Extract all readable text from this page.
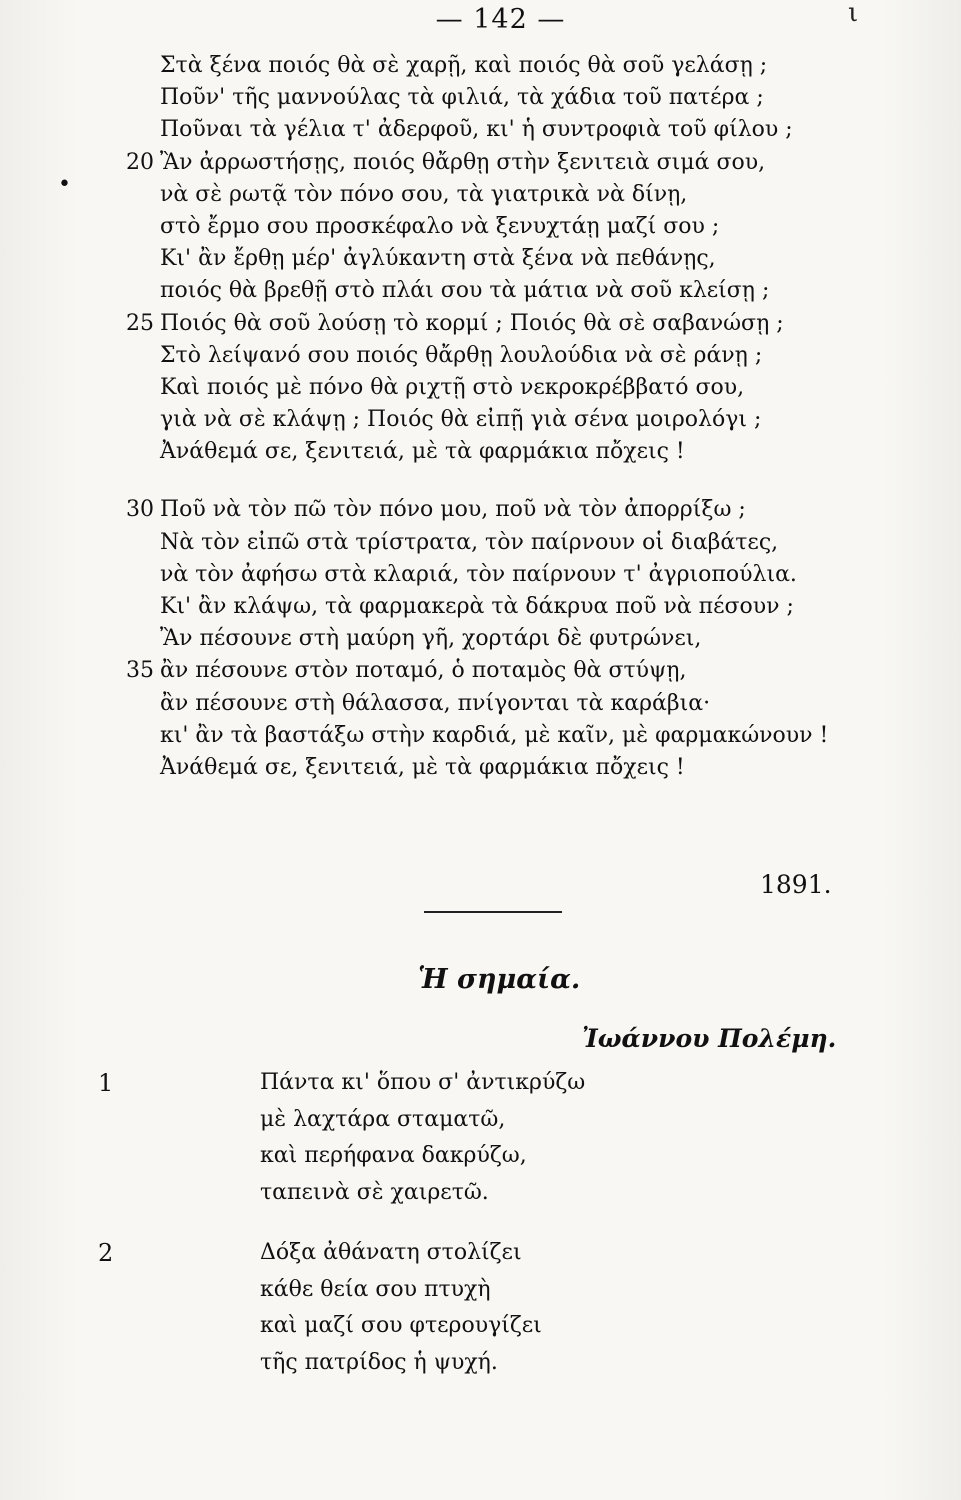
— 142 —	ι
•
Στὰ ξένα ποιός θὰ σὲ χαρῇ, καὶ ποιός θὰ σοῦ γελάσῃ ;
Ποῦν' τῆς μαννούλας τὰ φιλιά, τὰ χάδια τοῦ πατέρα ;
Ποῦναι τὰ γέλια τ' ἀδερφοῦ, κι' ἡ συντροφιὰ τοῦ φίλου ;
20 Ἂν ἀρρωστήσῃς, ποιός θἄρθῃ στὴν ξενιτειὰ σιμά σου,
νὰ σὲ ρωτᾷ τὸν πόνο σου, τὰ γιατρικὰ νὰ δίνῃ,
στὸ ἔρμο σου προσκέφαλο νὰ ξενυχτάῃ μαζί σου ;
Κι' ἂν ἔρθῃ μέρ' ἀγλύκαντη στὰ ξένα νὰ πεθάνῃς,
ποιός θὰ βρεθῇ στὸ πλάι σου τὰ μάτια νὰ σοῦ κλείσῃ ;
25 Ποιός θὰ σοῦ λούσῃ τὸ κορμί ; Ποιός θὰ σὲ σαβανώσῃ ;
Στὸ λείψανό σου ποιός θἄρθῃ λουλούδια νὰ σὲ ράνῃ ;
Καὶ ποιός μὲ πόνο θὰ ριχτῇ στὸ νεκροκρέββατό σου,
γιὰ νὰ σὲ κλάψῃ ; Ποιός θὰ εἰπῇ γιὰ σένα μοιρολόγι ;
Ἀνάθεμά σε, ξενιτειά, μὲ τὰ φαρμάκια πὄχεις !
30 Ποῦ νὰ τὸν πῶ τὸν πόνο μου, ποῦ νὰ τὸν ἀπορρίξω ;
Νὰ τὸν εἰπῶ στὰ τρίστρατα, τὸν παίρνουν οἱ διαβάτες,
νὰ τὸν ἀφήσω στὰ κλαριά, τὸν παίρνουν τ' ἀγριοπούλια.
Κι' ἂν κλάψω, τὰ φαρμακερὰ τὰ δάκρυα ποῦ νὰ πέσουν ;
Ἂν πέσουνε στὴ μαύρη γῆ, χορτάρι δὲ φυτρώνει,
35 ἂν πέσουνε στὸν ποταμό, ὁ ποταμὸς θὰ στύψῃ,
ἂν πέσουνε στὴ θάλασσα, πνίγονται τὰ καράβια·
κι' ἂν τὰ βαστάξω στὴν καρδιά, μὲ καῖν, μὲ φαρμακώνουν !
Ἀνάθεμά σε, ξενιτειά, μὲ τὰ φαρμάκια πὄχεις !
1891.
Ἡ σημαία.
Ἰωάννου Πολέμη.
1	Πάντα κι' ὅπου σ' ἀντικρύζω
μὲ λαχτάρα σταματῶ,
καὶ περήφανα δακρύζω,
ταπεινὰ σὲ χαιρετῶ.
2	Δόξα ἀθάνατη στολίζει
κάθε θεία σου πτυχὴ
καὶ μαζί σου φτερουγίζει
τῆς πατρίδος ἡ ψυχή.
